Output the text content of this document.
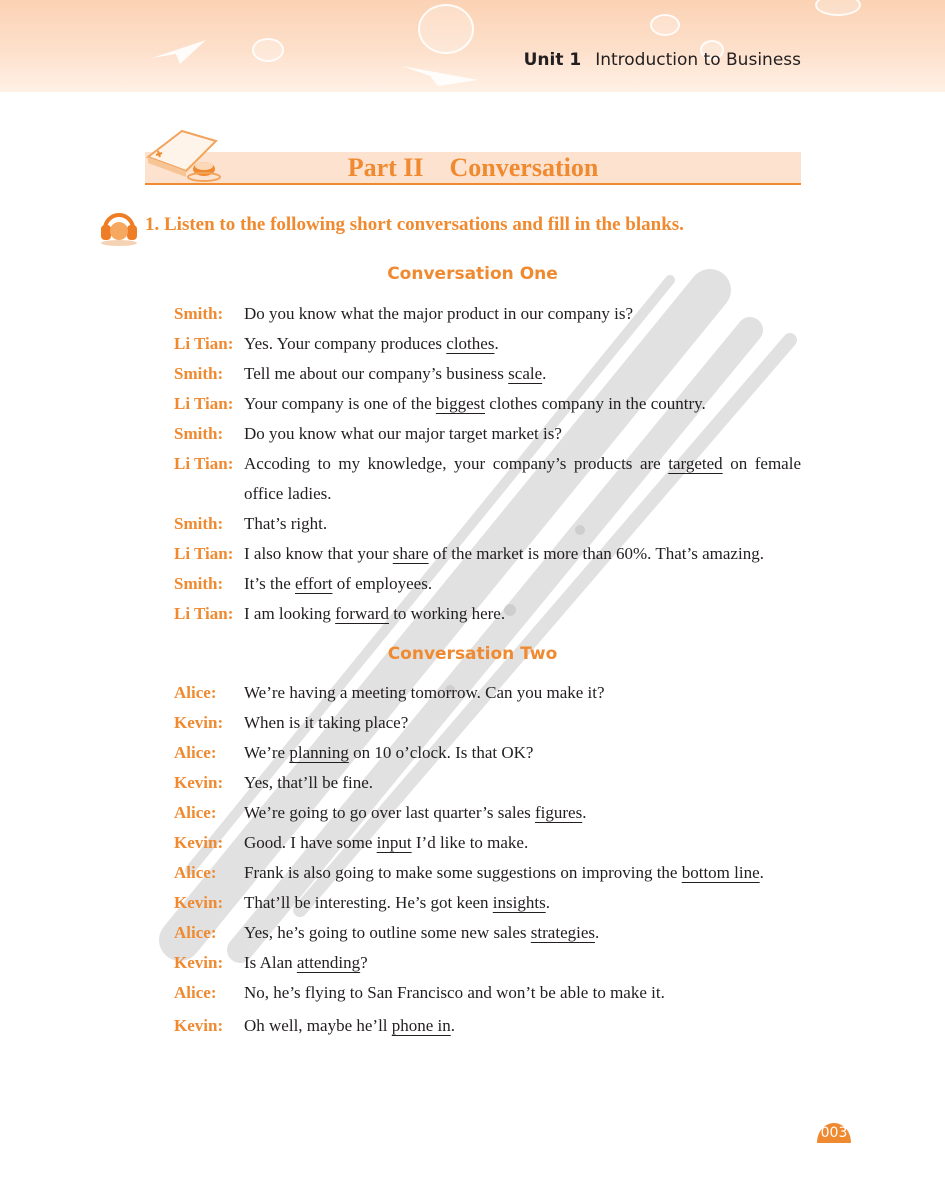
Unit 1 Introduction to Business
Part II    Conversation
1. Listen to the following short conversations and fill in the blanks.
Conversation One
Smith: Do you know what the major product in our company is?
Li Tian: Yes. Your company produces clothes.
Smith: Tell me about our company’s business scale.
Li Tian: Your company is one of the biggest clothes company in the country.
Smith: Do you know what our major target market is?
Li Tian: Accoding to my knowledge, your company’s products are targeted on female office ladies.
Smith: That’s right.
Li Tian: I also know that your share of the market is more than 60%. That’s amazing.
Smith: It’s the effort of employees.
Li Tian: I am looking forward to working here.
Conversation Two
Alice: We’re having a meeting tomorrow. Can you make it?
Kevin: When is it taking place?
Alice: We’re planning on 10 o’clock. Is that OK?
Kevin: Yes, that’ll be fine.
Alice: We’re going to go over last quarter’s sales figures.
Kevin: Good. I have some input I’d like to make.
Alice: Frank is also going to make some suggestions on improving the bottom line.
Kevin: That’ll be interesting. He’s got keen insights.
Alice: Yes, he’s going to outline some new sales strategies.
Kevin: Is Alan attending?
Alice: No, he’s flying to San Francisco and won’t be able to make it.
Kevin: Oh well, maybe he’ll phone in.
003
